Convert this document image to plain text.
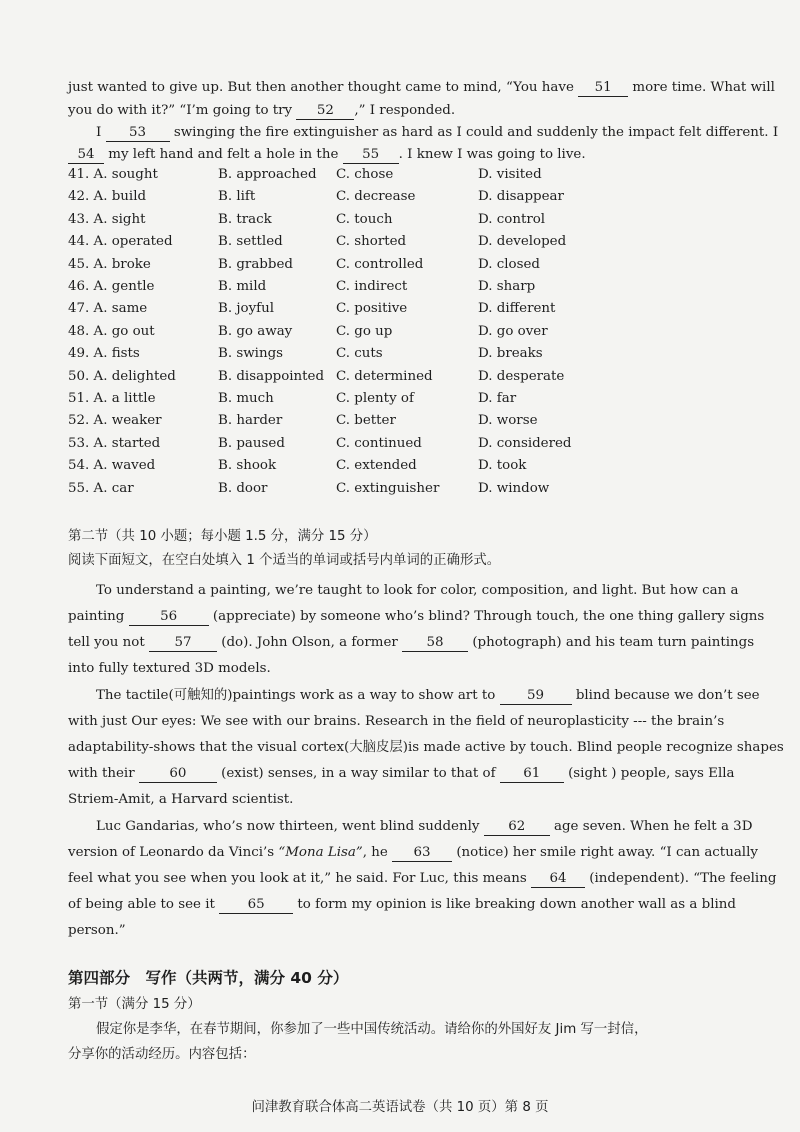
just wanted to give up. But then another thought came to mind, “You have 51 more time. What will
you do with it?” “I’m going to try 52 ,” I responded.
I 53 swinging the fire extinguisher as hard as I could and suddenly the impact felt different. I
54 my left hand and felt a hole in the 55 . I knew I was going to live.
41. A. sought	B. approached C. chose	D. visited
42. A. build	B. lift	C. decrease	D. disappear
43. A. sight	B. track	C. touch	D. control
44. A. operated	B. settled	C. shorted	D. developed
45. A. broke	B. grabbed	C. controlled	D. closed
46. A. gentle	B. mild	C. indirect	D. sharp
47. A. same	B. joyful	C. positive	D. different
48. A. go out	B. go away	C. go up	D. go over
49. A. fists	B. swings	C. cuts	D. breaks
50. A. delighted	B. disappointed C. determined	D. desperate
51. A. a little	B. much	C. plenty of	D. far
52. A. weaker	B. harder	C. better	D. worse
53. A. started	B. paused	C. continued	D. considered
54. A. waved	B. shook	C. extended	D. took
55. A. car	B. door	C. extinguisher	D. window
第二节（共 10 小题；每小题 1.5 分，满分 15 分）
阅读下面短文，在空白处填入 1 个适当的单词或括号内单词的正确形式。
To understand a painting, we’re taught to look for color, composition, and light. But how can a
painting	56	(appreciate) by someone who’s blind? Through touch, the one thing gallery signs
tell you not 57 (do). John Olson, a former 58 (photograph) and his team turn paintings
into fully textured 3D models.
The tactile(可触知的)paintings work as a way to show art to 59 blind because we don’t see
with just Our eyes: We see with our brains. Research in the field of neuroplasticity --- the brain’s
adaptability-shows that the visual cortex(大脑皮层)is made active by touch. Blind people recognize shapes
with their	60	(exist) senses, in a way similar to that of 61 (sight ) people, says Ella
Striem-Amit, a Harvard scientist.
Luc Gandarias, who’s now thirteen, went blind suddenly 62 age seven. When he felt a 3D
version of Leonardo da Vinci’s “Mona Lisa”, he 63 (notice) her smile right away. “I can actually
feel what you see when you look at it,” he said. For Luc, this means 64 (independent). “The feeling
of being able to see it 65 to form my opinion is like breaking down another wall as a blind
person.”
第四部分　写作（共两节，满分 40 分）
第一节（满分 15 分）
假定你是李华，在春节期间，你参加了一些中国传统活动。请给你的外国好友 Jim 写一封信，
分享你的活动经历。内容包括：
问津教育联合体高二英语试卷（共 10 页）第 8 页
